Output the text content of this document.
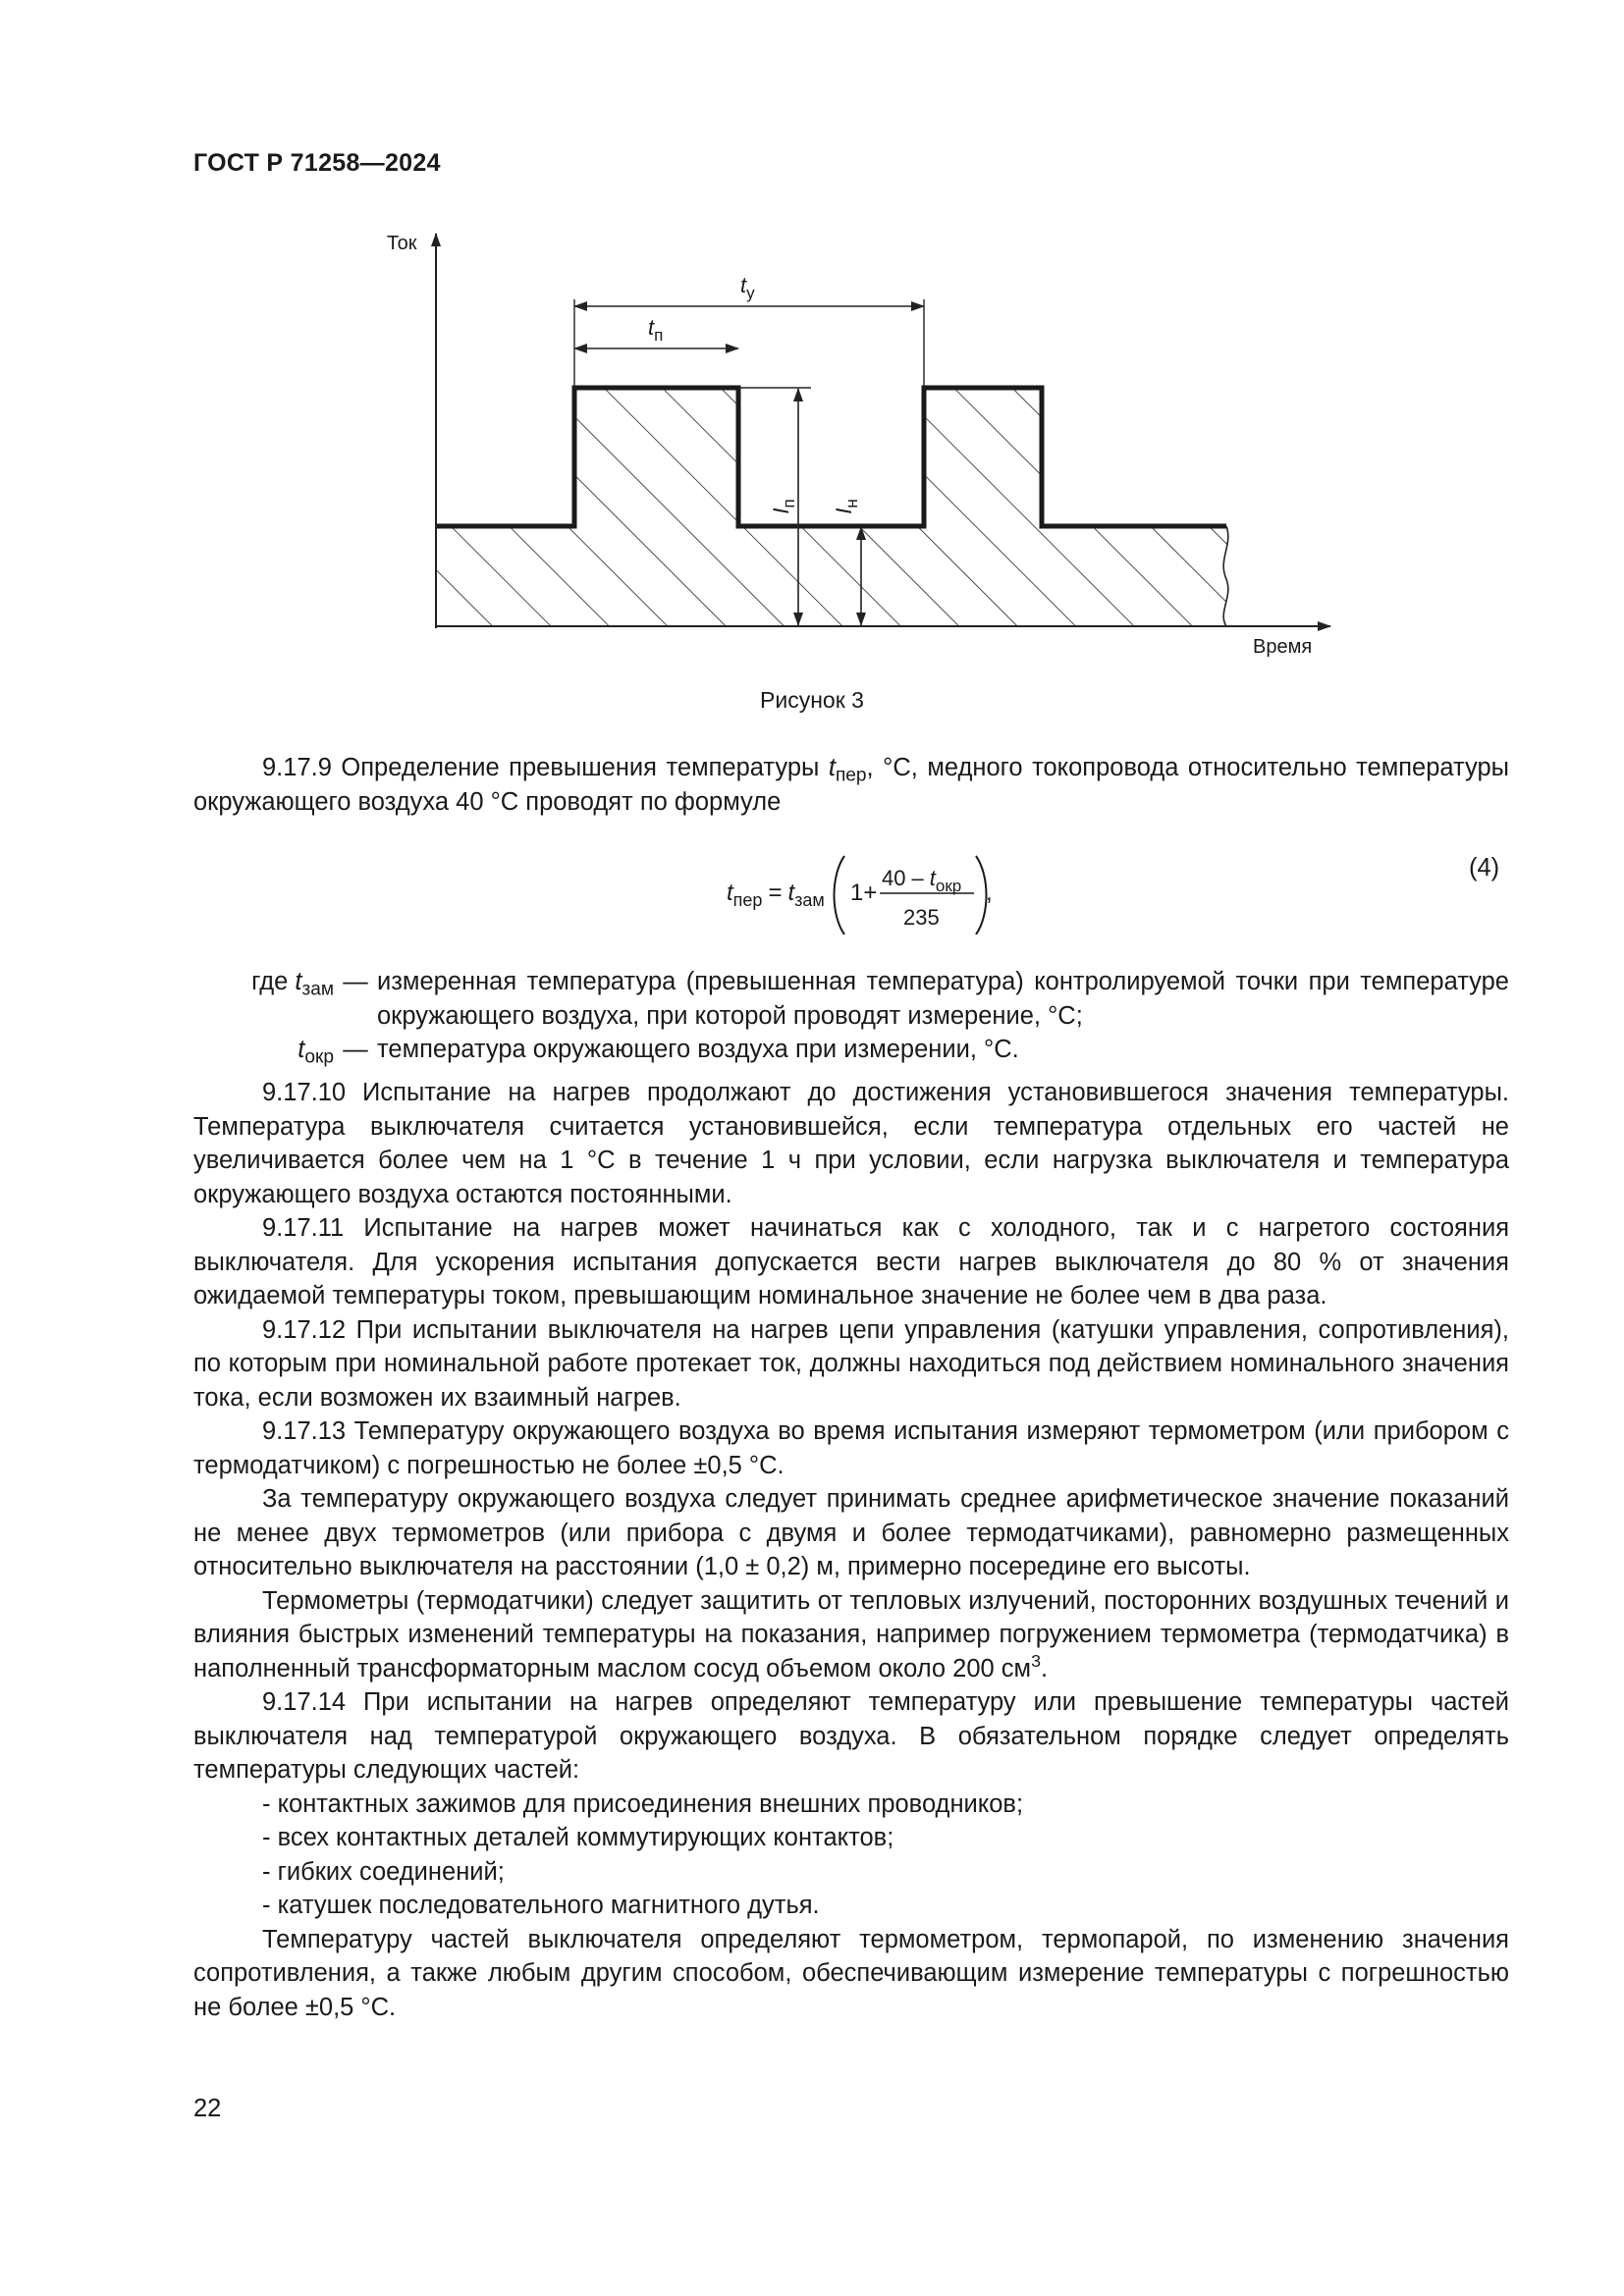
ГОСТ Р 71258—2024
Ток
Время
$t_у$
$t_п$
$I_п$
$I_н$
Рисунок 3

9.17.9 Определение превышения температуры $t_{пер}$, °С, медного токопровода относительно температуры окружающего воздуха 40 °С проводят по формуле

$t_{пер} = t_{зам}$ 1+
$40 - t_{окр}$
235
,
(4)
где $t_{зам}$ — измеренная температура (превышенная температура) контролируемой точки при температуре окружающего воздуха, при которой проводят измерение, °С;
$t_{окр}$ — температура окружающего воздуха при измерении, °С.

9.17.10 Испытание на нагрев продолжают до достижения установившегося значения температуры. Температура выключателя считается установившейся, если температура отдельных его частей не увеличивается более чем на 1 °С в течение 1 ч при условии, если нагрузка выключателя и температура окружающего воздуха остаются постоянными.

9.17.11 Испытание на нагрев может начинаться как с холодного, так и с нагретого состояния выключателя. Для ускорения испытания допускается вести нагрев выключателя до 80 % от значения ожидаемой температуры током, превышающим номинальное значение не более чем в два раза.

9.17.12 При испытании выключателя на нагрев цепи управления (катушки управления, сопротивления), по которым при номинальной работе протекает ток, должны находиться под действием номинального значения тока, если возможен их взаимный нагрев.

9.17.13 Температуру окружающего воздуха во время испытания измеряют термометром (или прибором с термодатчиком) с погрешностью не более ±0,5 °С.

За температуру окружающего воздуха следует принимать среднее арифметическое значение показаний не менее двух термометров (или прибора с двумя и более термодатчиками), равномерно размещенных относительно выключателя на расстоянии (1,0 ± 0,2) м, примерно посередине его высоты.

Термометры (термодатчики) следует защитить от тепловых излучений, посторонних воздушных течений и влияния быстрых изменений температуры на показания, например погружением термометра (термодатчика) в наполненный трансформаторным маслом сосуд объемом около 200 $см^3$.

9.17.14 При испытании на нагрев определяют температуру или превышение температуры частей выключателя над температурой окружающего воздуха. В обязательном порядке следует определять температуры следующих частей:

- контактных зажимов для присоединения внешних проводников;
- всех контактных деталей коммутирующих контактов;
- гибких соединений;
- катушек последовательного магнитного дутья.

Температуру частей выключателя определяют термометром, термопарой, по изменению значения сопротивления, а также любым другим способом, обеспечивающим измерение температуры с погрешностью не более ±0,5 °С.

22
